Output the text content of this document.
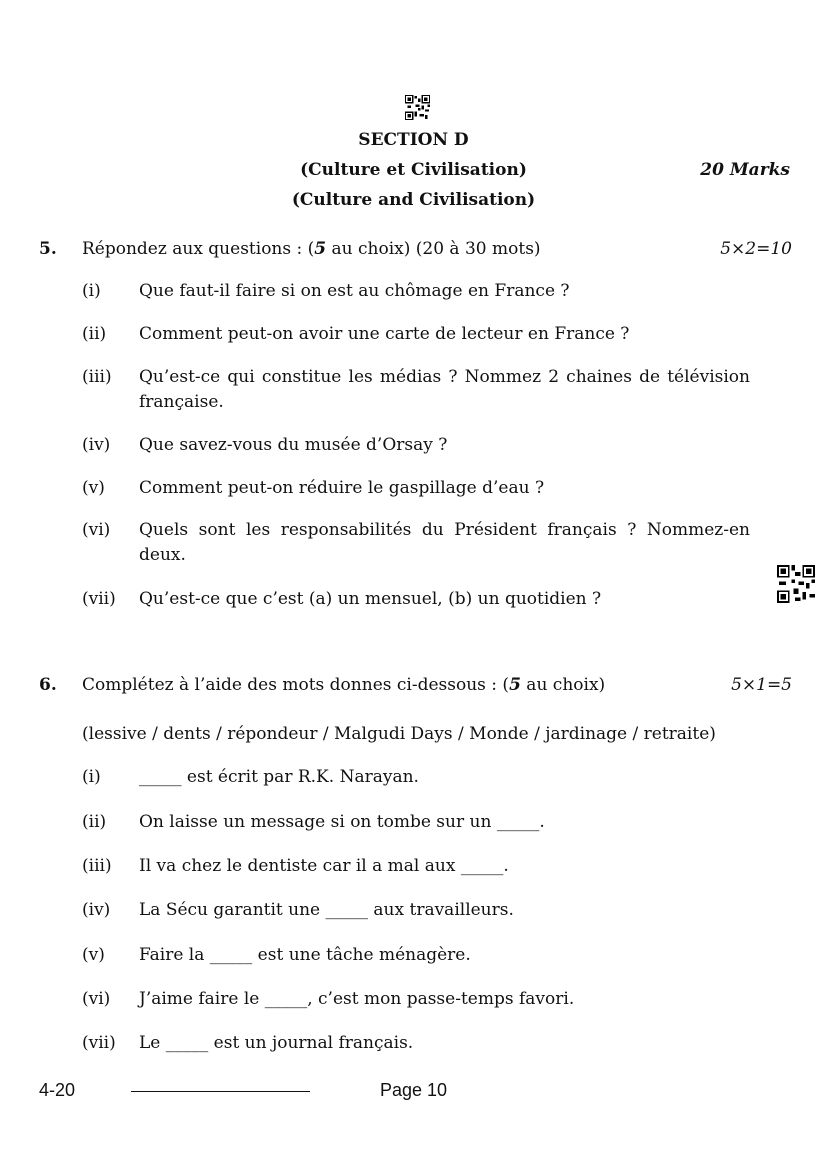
SECTION D
(Culture et Civilisation)	20 Marks
(Culture and Civilisation)
5. Répondez aux questions : (5 au choix) (20 à 30 mots)	5×2=10
(i) Que faut-il faire si on est au chômage en France ?
(ii) Comment peut-on avoir une carte de lecteur en France ?
(iii) Qu’est-ce qui constitue les médias ? Nommez 2 chaines de télévision française.
(iv) Que savez-vous du musée d’Orsay ?
(v) Comment peut-on réduire le gaspillage d’eau ?
(vi) Quels sont les responsabilités du Président français ? Nommez-en deux.
(vii) Qu’est-ce que c’est (a) un mensuel, (b) un quotidien ?
6. Complétez à l’aide des mots donnes ci-dessous : (5 au choix)	5×1=5
(lessive / dents / répondeur / Malgudi Days / Monde / jardinage / retraite)
(i) _____ est écrit par R.K. Narayan.
(ii) On laisse un message si on tombe sur un _____.
(iii) Il va chez le dentiste car il a mal aux _____.
(iv) La Sécu garantit une _____ aux travailleurs.
(v) Faire la _____ est une tâche ménagère.
(vi) J’aime faire le _____, c’est mon passe-temps favori.
(vii) Le _____ est un journal français.
4-20	Page 10
